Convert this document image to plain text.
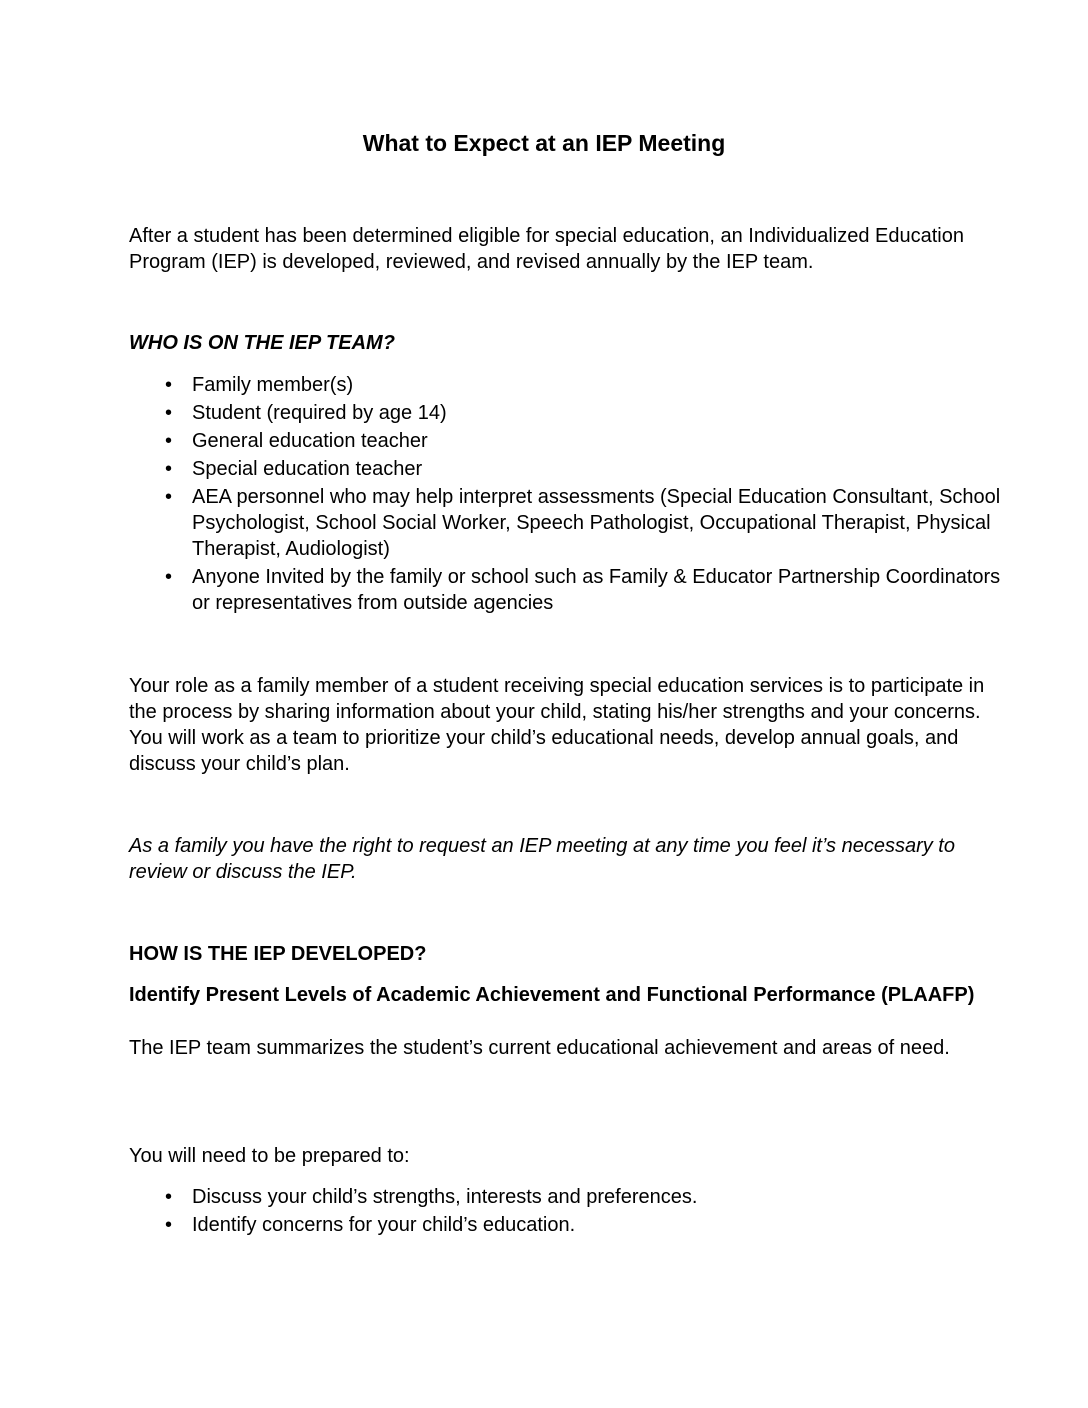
What to Expect at an IEP Meeting

After a student has been determined eligible for special education, an Individualized Education Program (IEP) is developed, reviewed, and revised annually by the IEP team.

WHO IS ON THE IEP TEAM?

• Family member(s)
• Student (required by age 14)
• General education teacher
• Special education teacher
• AEA personnel who may help interpret assessments (Special Education Consultant, School Psychologist, School Social Worker, Speech Pathologist, Occupational Therapist, Physical Therapist, Audiologist)
• Anyone Invited by the family or school such as Family & Educator Partnership Coordinators or representatives from outside agencies

Your role as a family member of a student receiving special education services is to participate in the process by sharing information about your child, stating his/her strengths and your concerns. You will work as a team to prioritize your child’s educational needs, develop annual goals, and discuss your child’s plan.

As a family you have the right to request an IEP meeting at any time you feel it’s necessary to review or discuss the IEP.

HOW IS THE IEP DEVELOPED?

Identify Present Levels of Academic Achievement and Functional Performance (PLAAFP)

The IEP team summarizes the student’s current educational achievement and areas of need.

You will need to be prepared to:

• Discuss your child’s strengths, interests and preferences.
• Identify concerns for your child’s education.
